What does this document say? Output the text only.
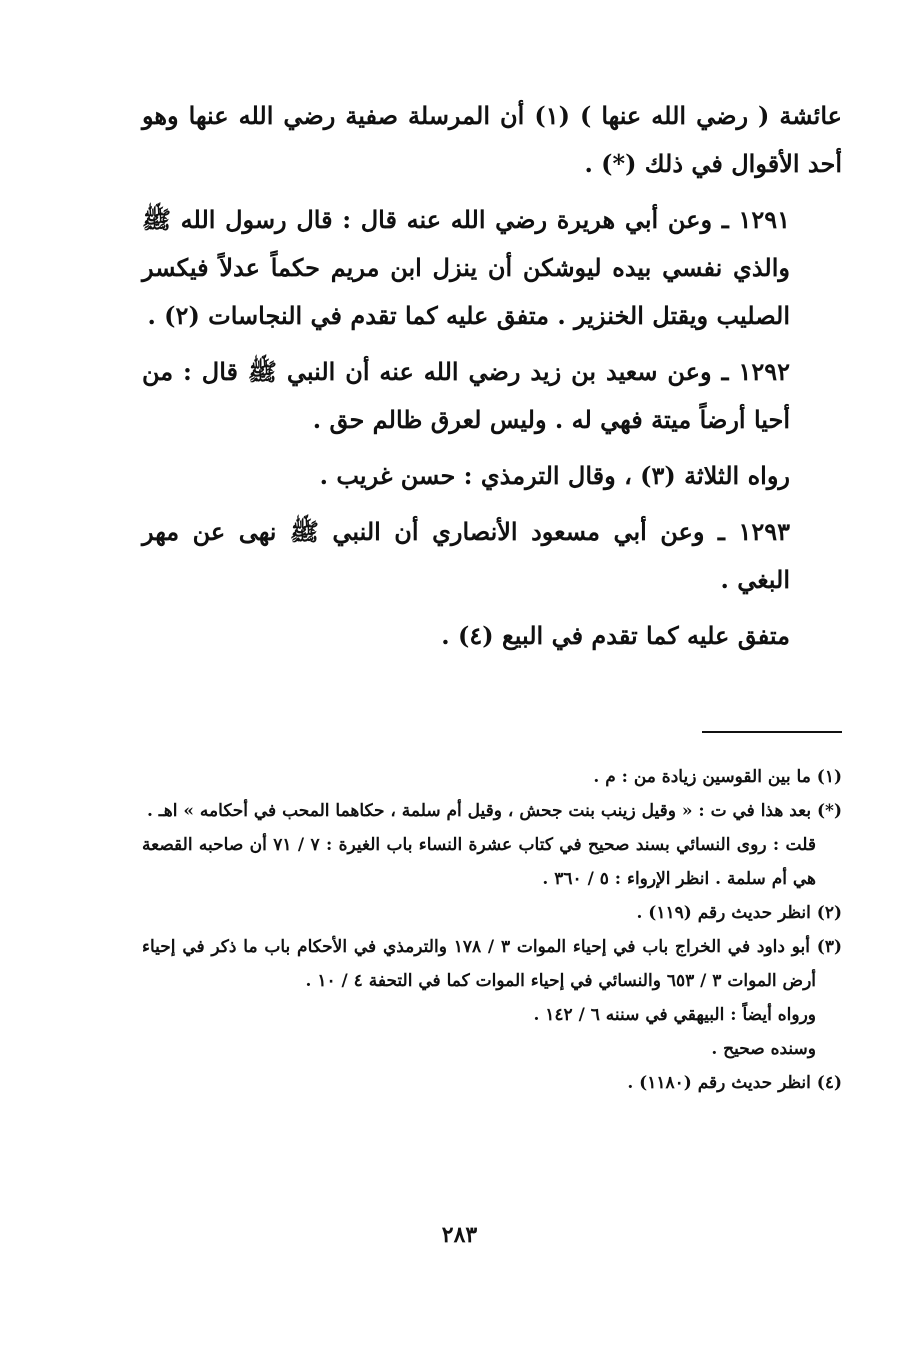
عائشة ( رضي الله عنها ) (١) أن المرسلة صفية رضي الله عنها وهو أحد الأقوال في ذلك (*) .

١٢٩١ ـ وعن أبي هريرة رضي الله عنه قال : قال رسول الله ﷺ والذي نفسي بيده ليوشكن أن ينزل ابن مريم حكماً عدلاً فيكسر الصليب ويقتل الخنزير . متفق عليه كما تقدم في النجاسات (٢) .

١٢٩٢ ـ وعن سعيد بن زيد رضي الله عنه أن النبي ﷺ قال : من أحيا أرضاً ميتة فهي له . وليس لعرق ظالم حق .

رواه الثلاثة (٣) ، وقال الترمذي : حسن غريب .

١٢٩٣ ـ وعن أبي مسعود الأنصاري أن النبي ﷺ نهى عن مهر البغي .

متفق عليه كما تقدم في البيع (٤) .

(١) ما بين القوسين زيادة من : م .

(*) بعد هذا في ت : « وقيل زينب بنت جحش ، وقيل أم سلمة ، حكاهما المحب في أحكامه » اهـ .

قلت : روى النسائي بسند صحيح في كتاب عشرة النساء باب الغيرة : ٧ / ٧١ أن صاحبه القصعة هي أم سلمة . انظر الإرواء : ٥ / ٣٦٠ .

(٢) انظر حديث رقم (١١٩) .

(٣) أبو داود في الخراج باب في إحياء الموات ٣ / ١٧٨ والترمذي في الأحكام باب ما ذكر في إحياء أرض الموات ٣ / ٦٥٣ والنسائي في إحياء الموات كما في التحفة ٤ / ١٠ .

ورواه أيضاً : البيهقي في سننه ٦ / ١٤٢ .

وسنده صحيح .

(٤) انظر حديث رقم (١١٨٠) .

٢٨٣
